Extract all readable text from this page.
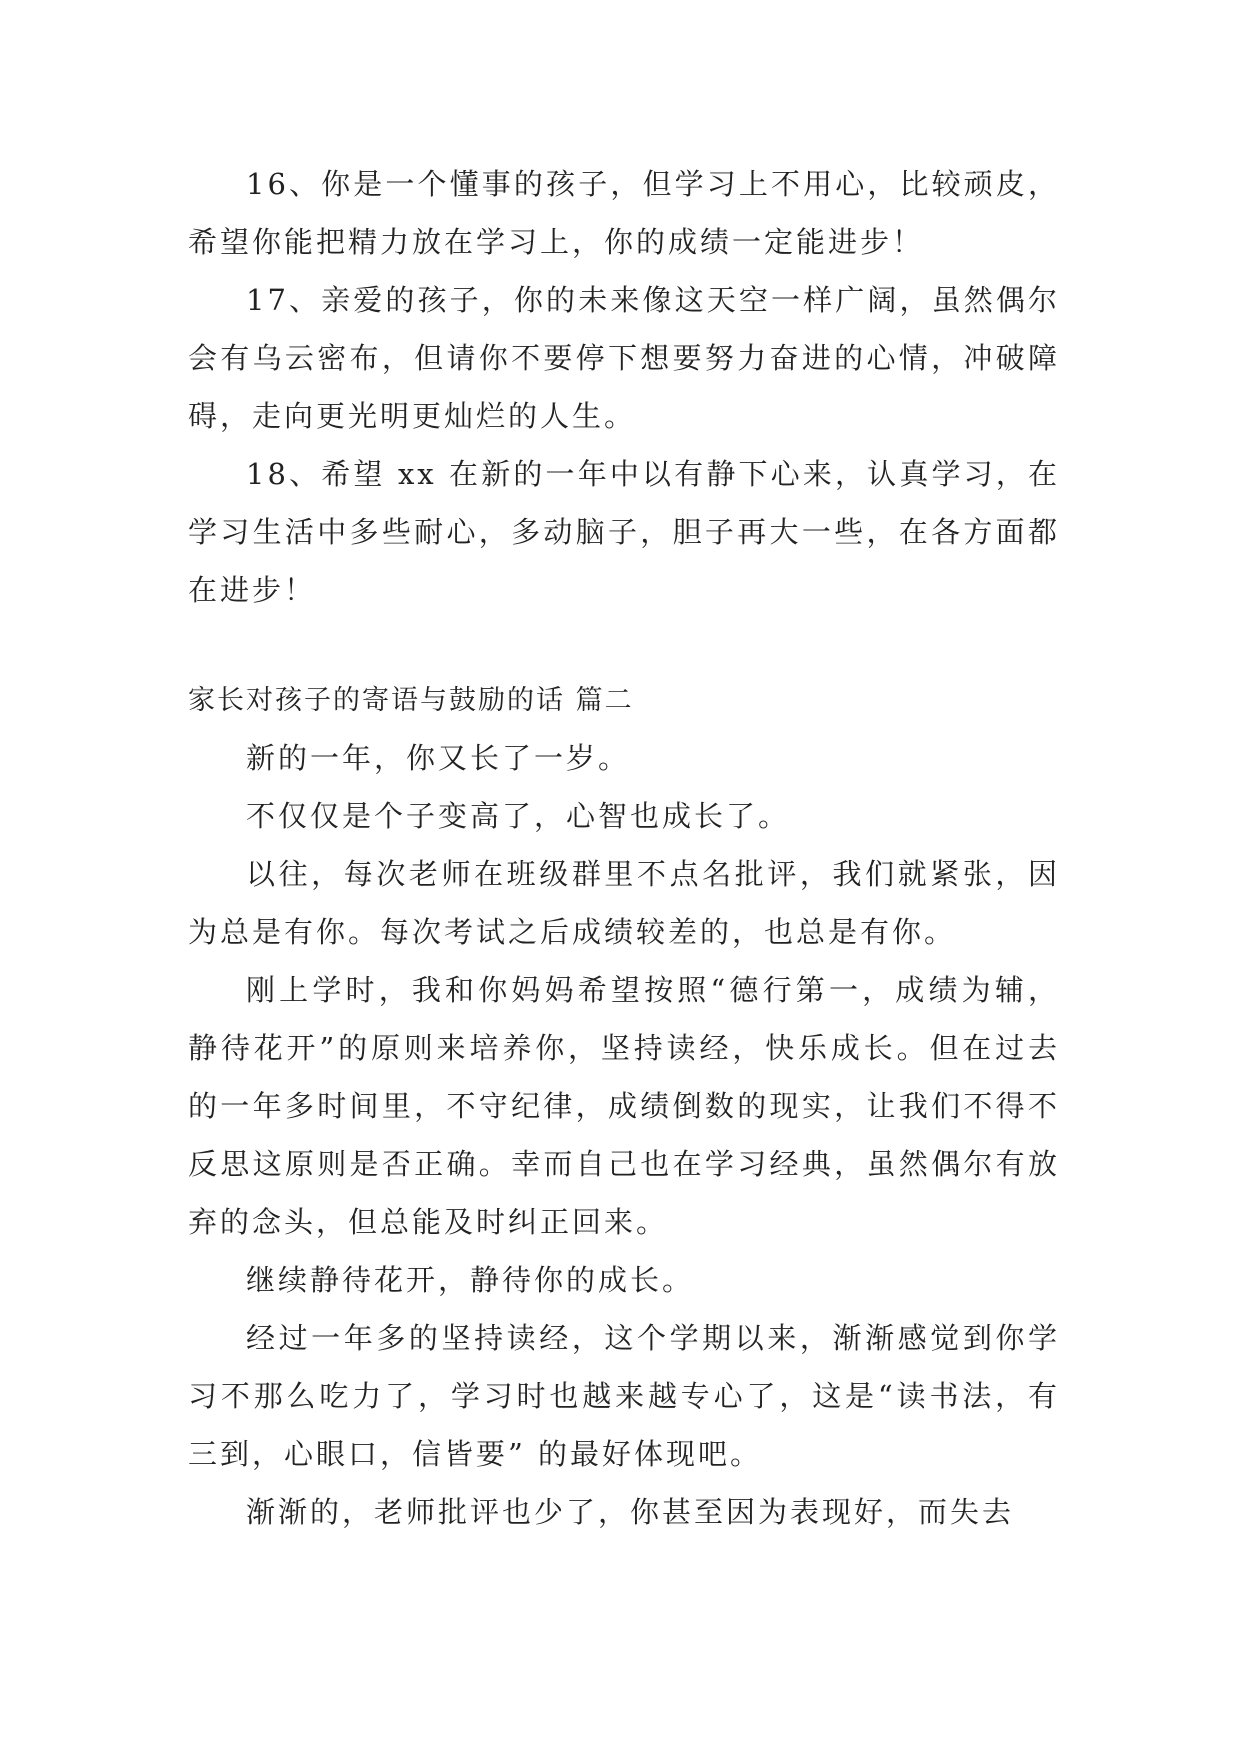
16、你是一个懂事的孩子，但学习上不用心，比较顽皮，希望你能把精力放在学习上，你的成绩一定能进步！

17、亲爱的孩子，你的未来像这天空一样广阔，虽然偶尔会有乌云密布，但请你不要停下想要努力奋进的心情，冲破障碍，走向更光明更灿烂的人生。

18、希望 xx 在新的一年中以有静下心来，认真学习，在学习生活中多些耐心，多动脑子，胆子再大一些，在各方面都在进步！

家长对孩子的寄语与鼓励的话 篇二

新的一年，你又长了一岁。

不仅仅是个子变高了，心智也成长了。

以往，每次老师在班级群里不点名批评，我们就紧张，因为总是有你。每次考试之后成绩较差的，也总是有你。

刚上学时，我和你妈妈希望按照“德行第一，成绩为辅，静待花开”的原则来培养你，坚持读经，快乐成长。但在过去的一年多时间里，不守纪律，成绩倒数的现实，让我们不得不反思这原则是否正确。幸而自己也在学习经典，虽然偶尔有放弃的念头，但总能及时纠正回来。

继续静待花开，静待你的成长。

经过一年多的坚持读经，这个学期以来，渐渐感觉到你学习不那么吃力了，学习时也越来越专心了，这是“读书法，有三到，心眼口，信皆要” 的最好体现吧。

渐渐的，老师批评也少了，你甚至因为表现好，而失去
